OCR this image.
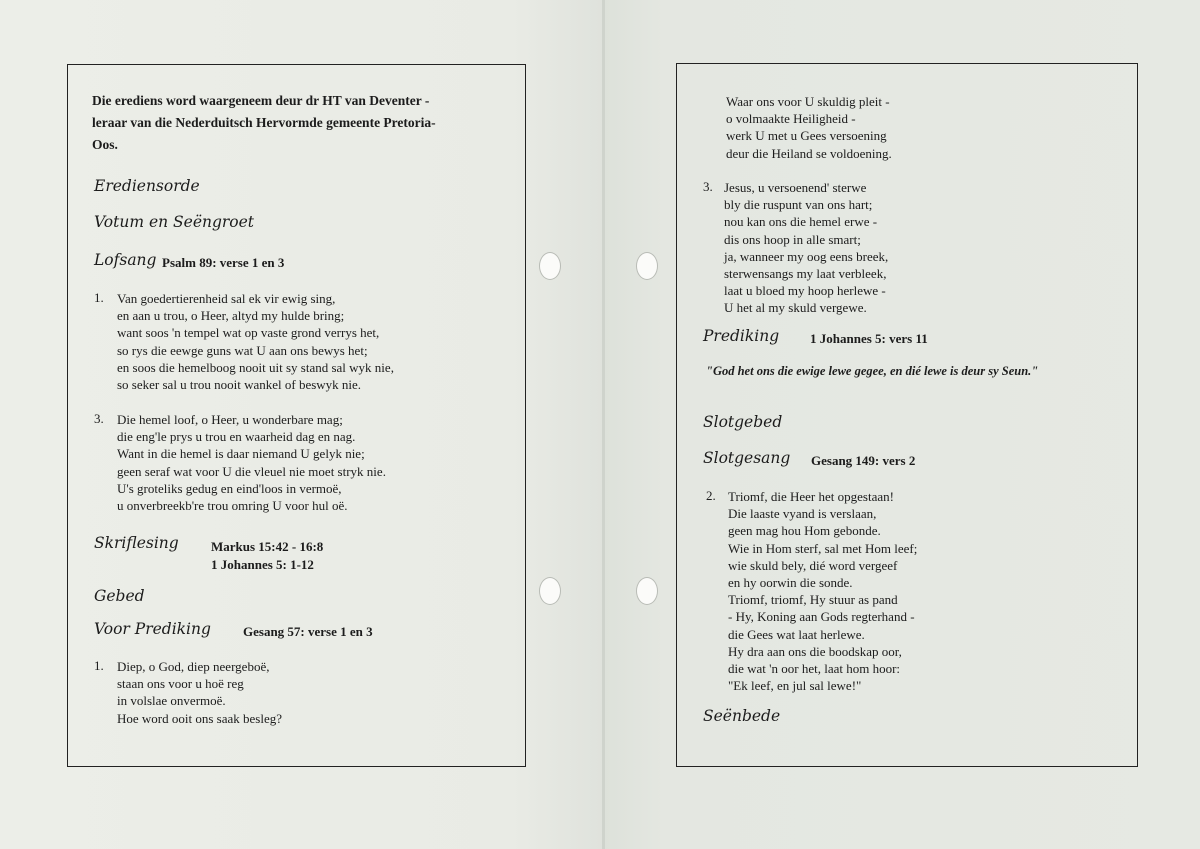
Die erediens word waargeneem deur dr HT van Deventer -
leraar van die Nederduitsch Hervormde gemeente Pretoria-
Oos.
Erediensorde
Votum en Seëngroet
Lofsang Psalm 89: verse 1 en 3
1. Van goedertierenheid sal ek vir ewig sing,
en aan u trou, o Heer, altyd my hulde bring;
want soos 'n tempel wat op vaste grond verrys het,
so rys die eewge guns wat U aan ons bewys het;
en soos die hemelboog nooit uit sy stand sal wyk nie,
so seker sal u trou nooit wankel of beswyk nie.
3. Die hemel loof, o Heer, u wonderbare mag;
die eng'le prys u trou en waarheid dag en nag.
Want in die hemel is daar niemand U gelyk nie;
geen seraf wat voor U die vleuel nie moet stryk nie.
U's groteliks gedug en eind'loos in vermoë,
u onverbreekb're trou omring U voor hul oë.
Skriflesing Markus 15:42 - 16:8
1 Johannes 5: 1-12
Gebed
Voor Prediking Gesang 57: verse 1 en 3
1. Diep, o God, diep neergeboë,
staan ons voor u hoë reg
in volslae onvermoë.
Hoe word ooit ons saak besleg?
Waar ons voor U skuldig pleit -
o volmaakte Heiligheid -
werk U met u Gees versoening
deur die Heiland se voldoening.
3. Jesus, u versoenend' sterwe
bly die ruspunt van ons hart;
nou kan ons die hemel erwe -
dis ons hoop in alle smart;
ja, wanneer my oog eens breek,
sterwensangs my laat verbleek,
laat u bloed my hoop herlewe -
U het al my skuld vergewe.
Prediking 1 Johannes 5: vers 11
"God het ons die ewige lewe gegee, en dié lewe is deur sy Seun."
Slotgebed
Slotgesang Gesang 149: vers 2
2. Triomf, die Heer het opgestaan!
Die laaste vyand is verslaan,
geen mag hou Hom gebonde.
Wie in Hom sterf, sal met Hom leef;
wie skuld bely, dié word vergeef
en hy oorwin die sonde.
Triomf, triomf, Hy stuur as pand
- Hy, Koning aan Gods regterhand -
die Gees wat laat herlewe.
Hy dra aan ons die boodskap oor,
die wat 'n oor het, laat hom hoor:
"Ek leef, en jul sal lewe!"
Seënbede
